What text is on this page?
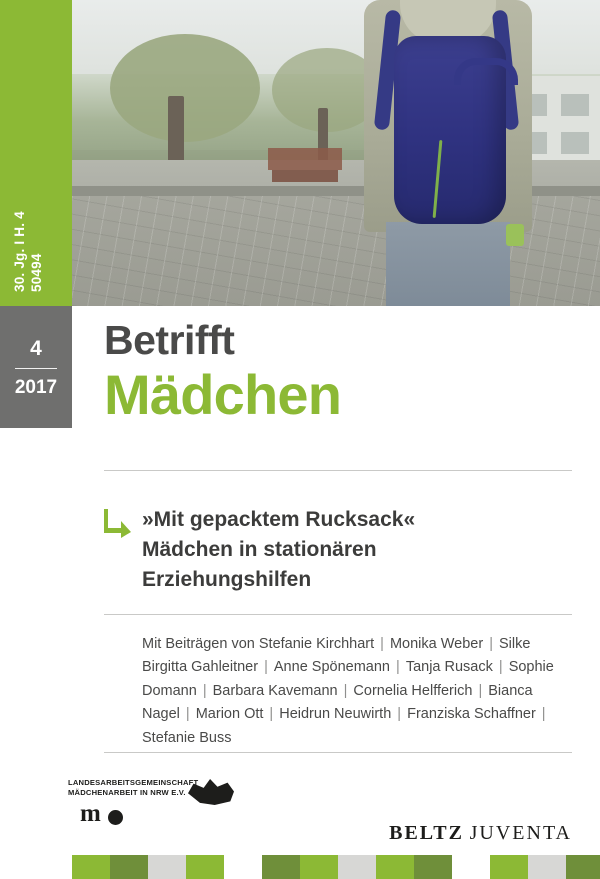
30. Jg. I H. 4 50494
4
2017
Betrifft
Mädchen
»Mit gepacktem Rucksack«
Mädchen in stationären
Erziehungshilfen
Mit Beiträgen von Stefanie Kirchhart | Monika Weber | Silke Birgitta Gahleitner | Anne Spönemann | Tanja Rusack | Sophie Domann | Barbara Kavemann | Cornelia Helfferich | Bianca Nagel | Marion Ott | Heidrun Neuwirth | Franziska Schaffner | Stefanie Buss
LANDESARBEITSGEMEINSCHAFT
MÄDCHENARBEIT IN NRW E.V.
m
BELTZ JUVENTA
